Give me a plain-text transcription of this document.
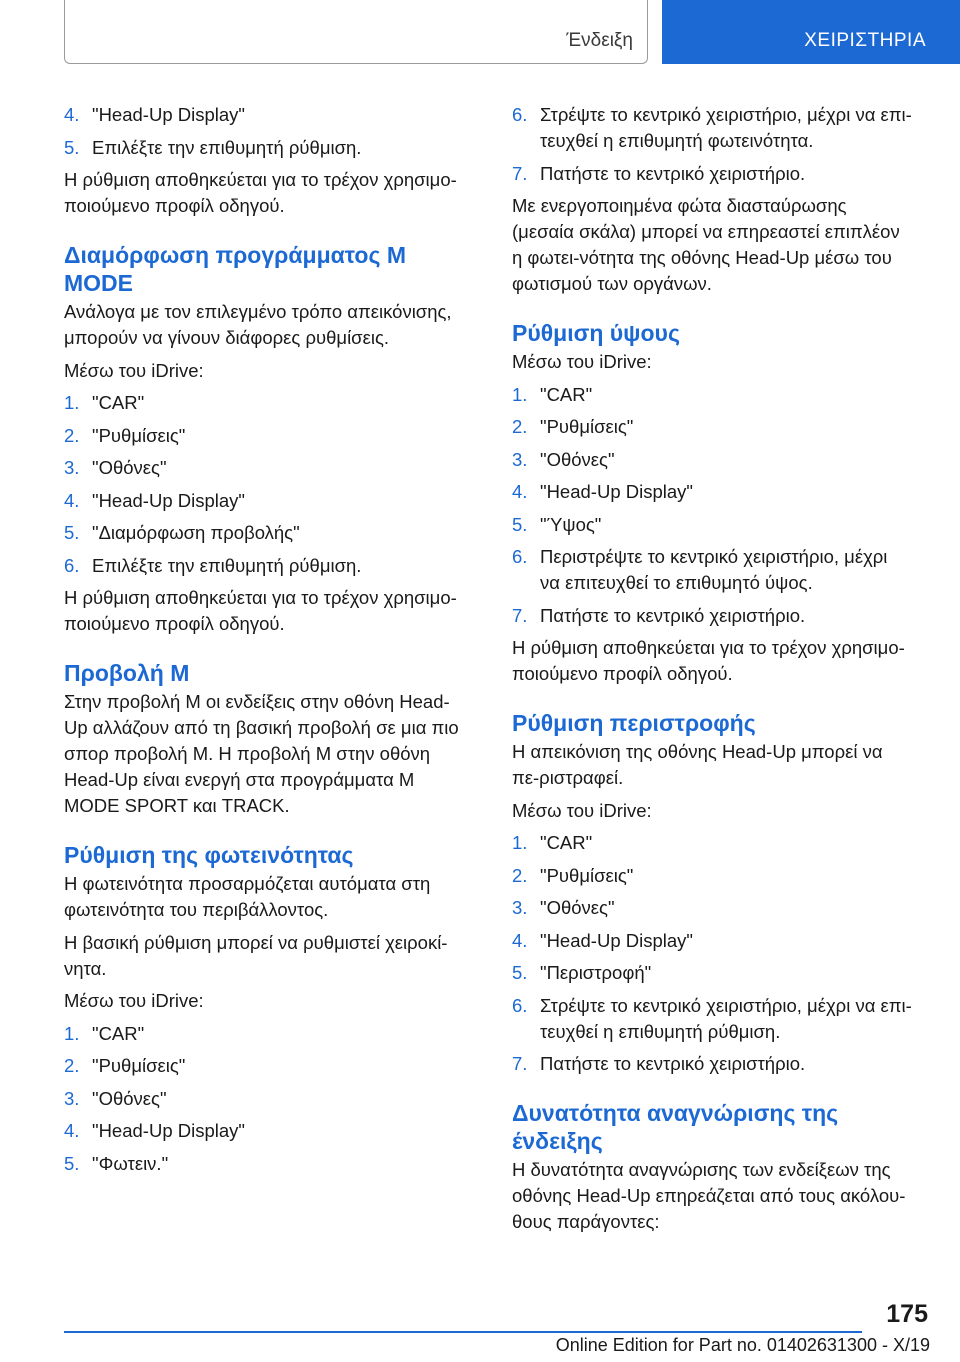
Ένδειξη	ΧΕΙΡΙΣΤΗΡΙΑ
4. "Head-Up Display"
5. Επιλέξτε την επιθυμητή ρύθμιση.

Η ρύθμιση αποθηκεύεται για το τρέχον χρησιμο‐ποιούμενο προφίλ οδηγού.

Διαμόρφωση προγράμματος M MODE

Ανάλογα με τον επιλεγμένο τρόπο απεικόνισης, μπορούν να γίνουν διάφορες ρυθμίσεις.

Μέσω του iDrive:

1. "CAR"
2. "Ρυθμίσεις"
3. "Οθόνες"
4. "Head-Up Display"
5. "Διαμόρφωση προβολής"
6. Επιλέξτε την επιθυμητή ρύθμιση.

Η ρύθμιση αποθηκεύεται για το τρέχον χρησιμο‐ποιούμενο προφίλ οδηγού.

Προβολή M

Στην προβολή M οι ενδείξεις στην οθόνη Head-Up αλλάζουν από τη βασική προβολή σε μια πιο σπορ προβολή M. Η προβολή M στην οθόνη Head-Up είναι ενεργή στα προγράμματα M MODE SPORT και TRACK.

Ρύθμιση της φωτεινότητας

Η φωτεινότητα προσαρμόζεται αυτόματα στη φωτεινότητα του περιβάλλοντος.

Η βασική ρύθμιση μπορεί να ρυθμιστεί χειροκί‐νητα.

Μέσω του iDrive:

1. "CAR"
2. "Ρυθμίσεις"
3. "Οθόνες"
4. "Head-Up Display"
5. "Φωτειν."
6. Στρέψτε το κεντρικό χειριστήριο, μέχρι να επι‐τευχθεί η επιθυμητή φωτεινότητα.
7. Πατήστε το κεντρικό χειριστήριο.

Με ενεργοποιημένα φώτα διασταύρωσης (μεσαία σκάλα) μπορεί να επηρεαστεί επιπλέον η φωτει‐νότητα της οθόνης Head-Up μέσω του φωτισμού των οργάνων.

Ρύθμιση ύψους

Μέσω του iDrive:

1. "CAR"
2. "Ρυθμίσεις"
3. "Οθόνες"
4. "Head-Up Display"
5. "Ύψος"
6. Περιστρέψτε το κεντρικό χειριστήριο, μέχρι να επιτευχθεί το επιθυμητό ύψος.
7. Πατήστε το κεντρικό χειριστήριο.

Η ρύθμιση αποθηκεύεται για το τρέχον χρησιμο‐ποιούμενο προφίλ οδηγού.

Ρύθμιση περιστροφής

Η απεικόνιση της οθόνης Head-Up μπορεί να πε‐ριστραφεί.

Μέσω του iDrive:

1. "CAR"
2. "Ρυθμίσεις"
3. "Οθόνες"
4. "Head-Up Display"
5. "Περιστροφή"
6. Στρέψτε το κεντρικό χειριστήριο, μέχρι να επι‐τευχθεί η επιθυμητή ρύθμιση.
7. Πατήστε το κεντρικό χειριστήριο.
Δυνατότητα αναγνώρισης της ένδειξης

Η δυνατότητα αναγνώρισης των ενδείξεων της οθόνης Head-Up επηρεάζεται από τους ακόλου‐θους παράγοντες:

175
Online Edition for Part no. 01402631300 - X/19
